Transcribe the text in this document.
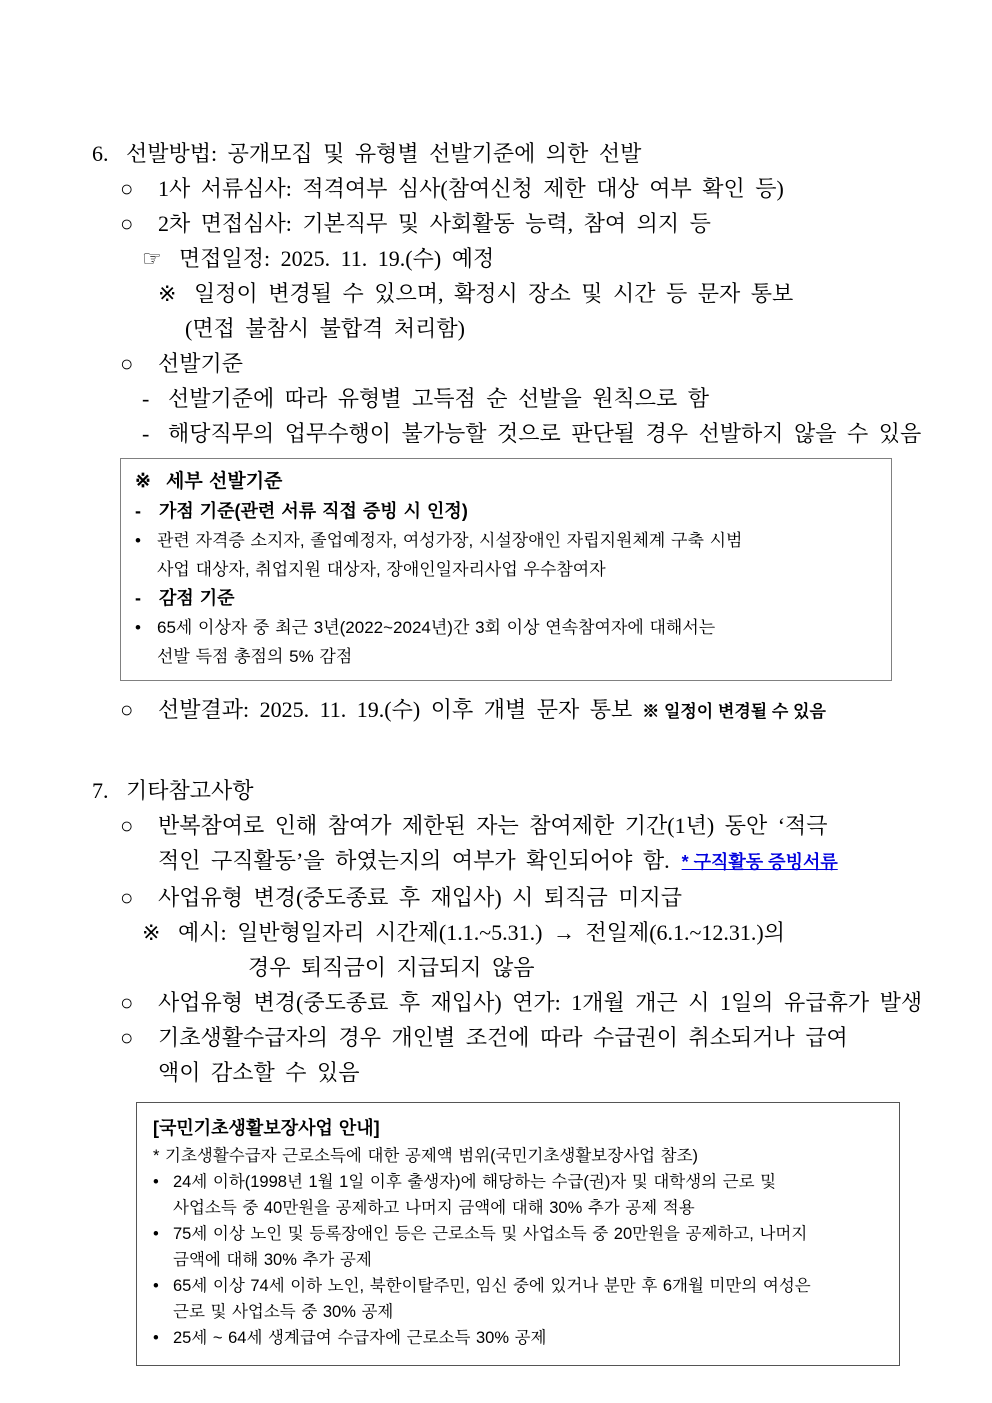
6. 선발방법: 공개모집 및 유형별 선발기준에 의한 선발
○ 1사 서류심사: 적격여부 심사(참여신청 제한 대상 여부 확인 등)
○ 2차 면접심사: 기본직무 및 사회활동 능력, 참여 의지 등
☞ 면접일정: 2025. 11. 19.(수) 예정
※ 일정이 변경될 수 있으며, 확정시 장소 및 시간 등 문자 통보
(면접 불참시 불합격 처리함)
○ 선발기준
- 선발기준에 따라 유형별 고득점 순 선발을 원칙으로 함
- 해당직무의 업무수행이 불가능할 것으로 판단될 경우 선발하지 않을 수 있음
※ 세부 선발기준
- 가점 기준(관련 서류 직접 증빙 시 인정)
• 관련 자격증 소지자, 졸업예정자, 여성가장, 시설장애인 자립지원체계 구축 시범
사업 대상자, 취업지원 대상자, 장애인일자리사업 우수참여자
- 감점 기준
• 65세 이상자 중 최근 3년(2022~2024년)간 3회 이상 연속참여자에 대해서는
선발 득점 총점의 5% 감점
○ 선발결과: 2025. 11. 19.(수) 이후 개별 문자 통보 ※ 일정이 변경될 수 있음
7. 기타참고사항
○ 반복참여로 인해 참여가 제한된 자는 참여제한 기간(1년) 동안 ‘적극
적인 구직활동’을 하였는지의 여부가 확인되어야 함. * 구직활동 증빙서류
○ 사업유형 변경(중도종료 후 재입사) 시 퇴직금 미지급
※ 예시: 일반형일자리 시간제(1.1.~5.31.) → 전일제(6.1.~12.31.)의
경우 퇴직금이 지급되지 않음
○ 사업유형 변경(중도종료 후 재입사) 연가: 1개월 개근 시 1일의 유급휴가 발생
○ 기초생활수급자의 경우 개인별 조건에 따라 수급권이 취소되거나 급여
액이 감소할 수 있음
[국민기초생활보장사업 안내]
* 기초생활수급자 근로소득에 대한 공제액 범위(국민기초생활보장사업 참조)
• 24세 이하(1998년 1월 1일 이후 출생자)에 해당하는 수급(권)자 및 대학생의 근로 및
사업소득 중 40만원을 공제하고 나머지 금액에 대해 30% 추가 공제 적용
• 75세 이상 노인 및 등록장애인 등은 근로소득 및 사업소득 중 20만원을 공제하고, 나머지
금액에 대해 30% 추가 공제
• 65세 이상 74세 이하 노인, 북한이탈주민, 임신 중에 있거나 분만 후 6개월 미만의 여성은
근로 및 사업소득 중 30% 공제
• 25세 ~ 64세 생계급여 수급자에 근로소득 30% 공제
